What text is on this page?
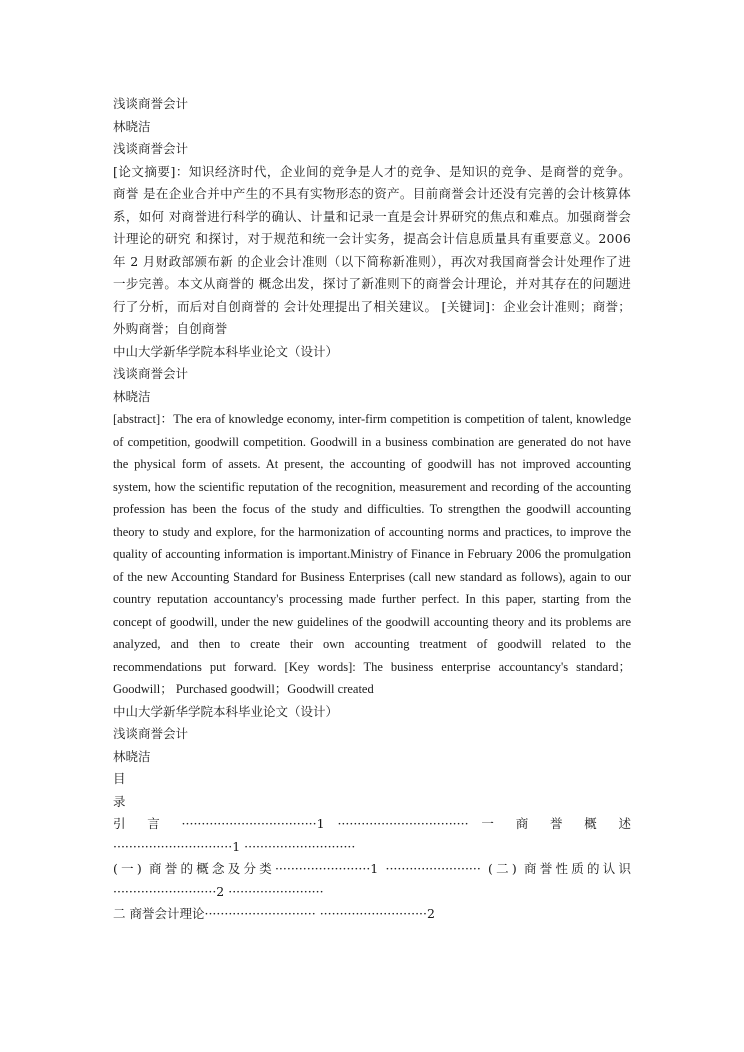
浅谈商誉会计
林晓洁
浅谈商誉会计
[论文摘要]：知识经济时代，企业间的竞争是人才的竞争、是知识的竞争、是商誉的竞争。商誉 是在企业合并中产生的不具有实物形态的资产。目前商誉会计还没有完善的会计核算体系，如何 对商誉进行科学的确认、计量和记录一直是会计界研究的焦点和难点。加强商誉会计理论的研究 和探讨，对于规范和统一会计实务，提高会计信息质量具有重要意义。2006 年 2 月财政部颁布新 的企业会计准则（以下简称新准则），再次对我国商誉会计处理作了进一步完善。本文从商誉的 概念出发，探讨了新准则下的商誉会计理论，并对其存在的问题进行了分析，而后对自创商誉的 会计处理提出了相关建议。 [关键词]：企业会计准则；商誉；外购商誉；自创商誉
中山大学新华学院本科毕业论文（设计）
浅谈商誉会计
林晓洁
[abstract]：The era of knowledge economy, inter-firm competition is competition of talent, knowledge of competition, goodwill competition. Goodwill in a business combination are generated do not have the physical form of assets. At present, the accounting of goodwill has not improved accounting system, how the scientific reputation of the recognition, measurement and recording of the accounting profession has been the focus of the study and difficulties. To strengthen the goodwill accounting theory to study and explore, for the harmonization of accounting norms and practices, to improve the quality of accounting information is important.Ministry of Finance in February 2006 the promulgation of the new Accounting Standard for Business Enterprises (call new standard as follows), again to our country reputation accountancy's processing made further perfect. In this paper, starting from the concept of goodwill, under the new guidelines of the goodwill accounting theory and its problems are analyzed, and then to create their own accounting treatment of goodwill related to the recommendations put forward. [Key words]: The business enterprise accountancy's standard；Goodwill； Purchased goodwill；Goodwill created
中山大学新华学院本科毕业论文（设计）
浅谈商誉会计
林晓洁
目
录
引 言 ··································1 ································· 一 商 誉 概 述······························1 ····························
(一) 商誉的概念及分类························1 ························ (二) 商誉性质的认识··························2 ························
二 商誉会计理论···························· ···························2
